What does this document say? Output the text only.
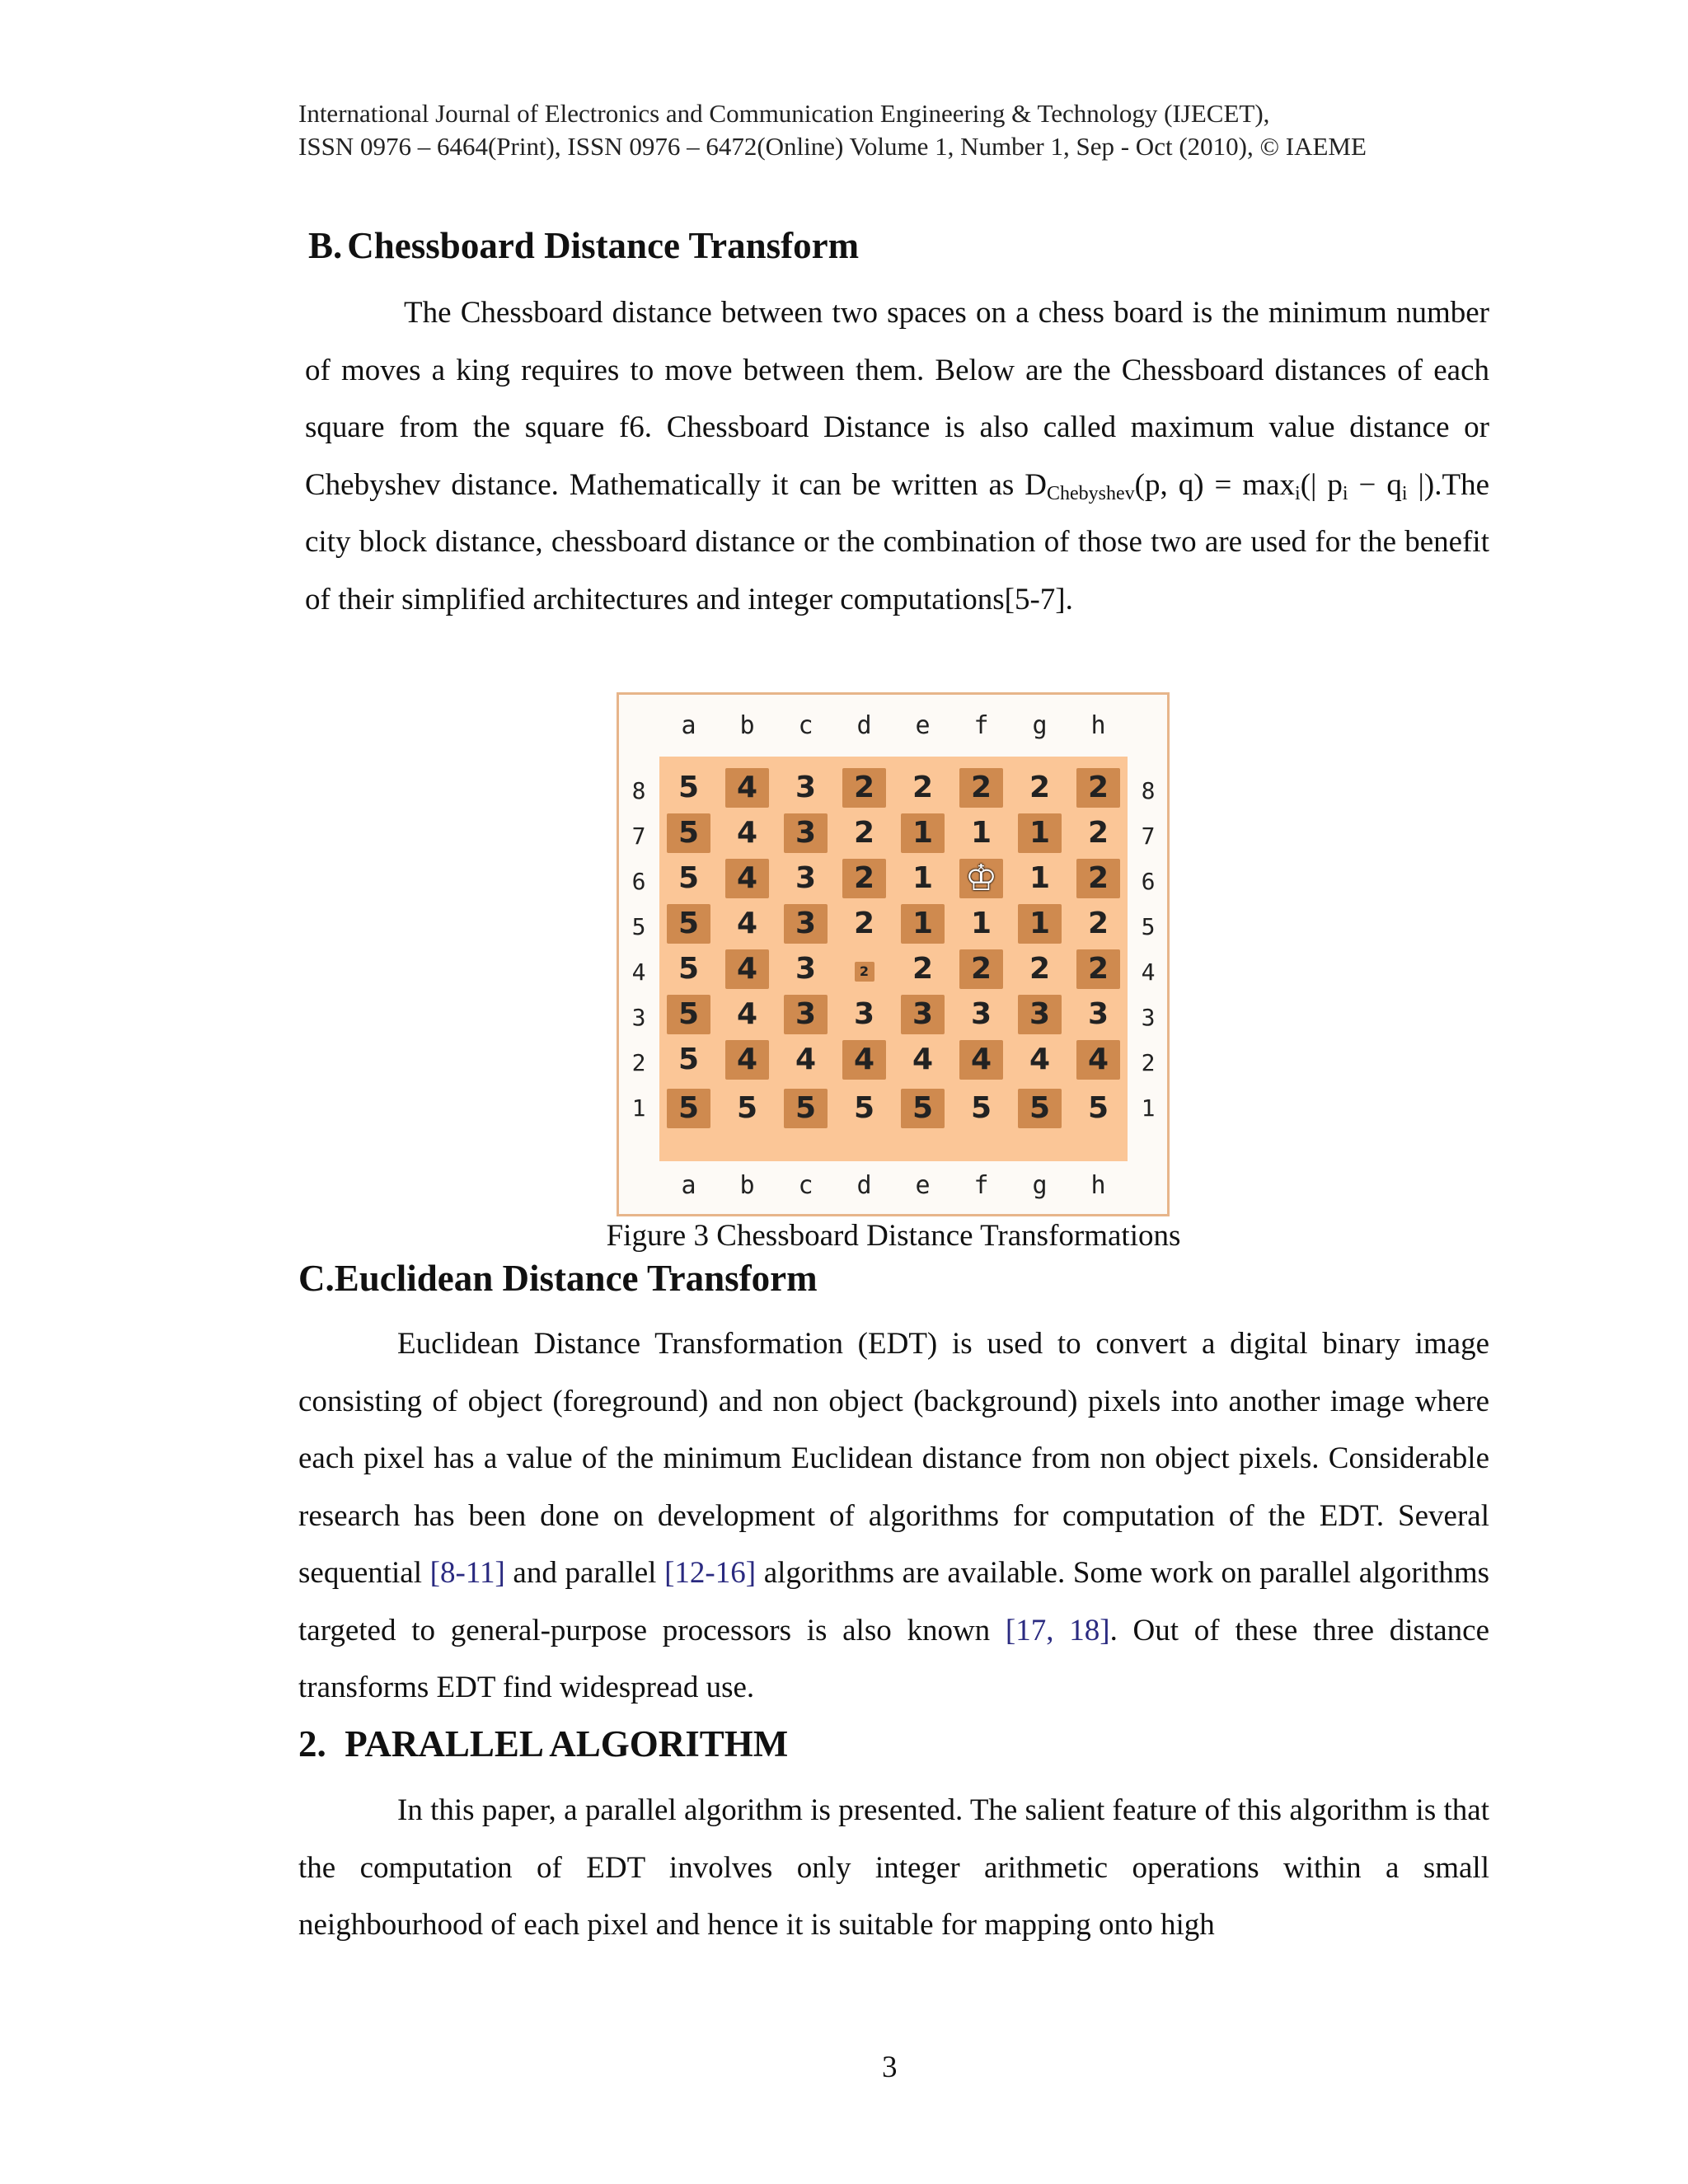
International Journal of Electronics and Communication Engineering & Technology (IJECET),
ISSN 0976 – 6464(Print), ISSN 0976 – 6472(Online) Volume 1, Number 1, Sep - Oct (2010), © IAEME
B. Chessboard Distance Transform
The Chessboard distance between two spaces on a chess board is the minimum number of moves a king requires to move between them. Below are the Chessboard distances of each square from the square f6. Chessboard Distance is also called maximum value distance or Chebyshev distance. Mathematically it can be written as $D_{Chebyshev}(p$, $q) = \max_i(|$ $p_i - q_i$ |).The city block distance, chessboard distance or the combination of those two are used for the benefit of their simplified architectures and integer computations[5-7].
a	b	c	d	e	f	g	h
a	b	c	d	e	f	g	h
8
7
6
5
4
3
2
1
8
7
6
5
4
3
2
1
5	4	3	2	2	2	2	2
5	4	3	2	1	1	1	2
5	4	3	2	1 ♔	1	2
5	4	3	2	1	1	1	2
5	4	3	2	2	2	2	2
5	4	3	3	3	3	3	3
5	4	4	4	4	4	4	4
5	5	5	5	5	5	5	5
Figure 3 Chessboard Distance Transformations
C.Euclidean Distance Transform
Euclidean Distance Transformation (EDT) is used to convert a digital binary image consisting of object (foreground) and non object (background) pixels into another image where each pixel has a value of the minimum Euclidean distance from non object pixels. Considerable research has been done on development of algorithms for computation of the EDT. Several sequential [8-11] and parallel [12-16] algorithms are available. Some work on parallel algorithms targeted to general-purpose processors is also known [17, 18]. Out of these three distance transforms EDT find widespread use.
2.  PARALLEL ALGORITHM
In this paper, a parallel algorithm is presented. The salient feature of this algorithm is that the computation of EDT involves only integer arithmetic operations within a small neighbourhood of each pixel and hence it is suitable for mapping onto high
3
